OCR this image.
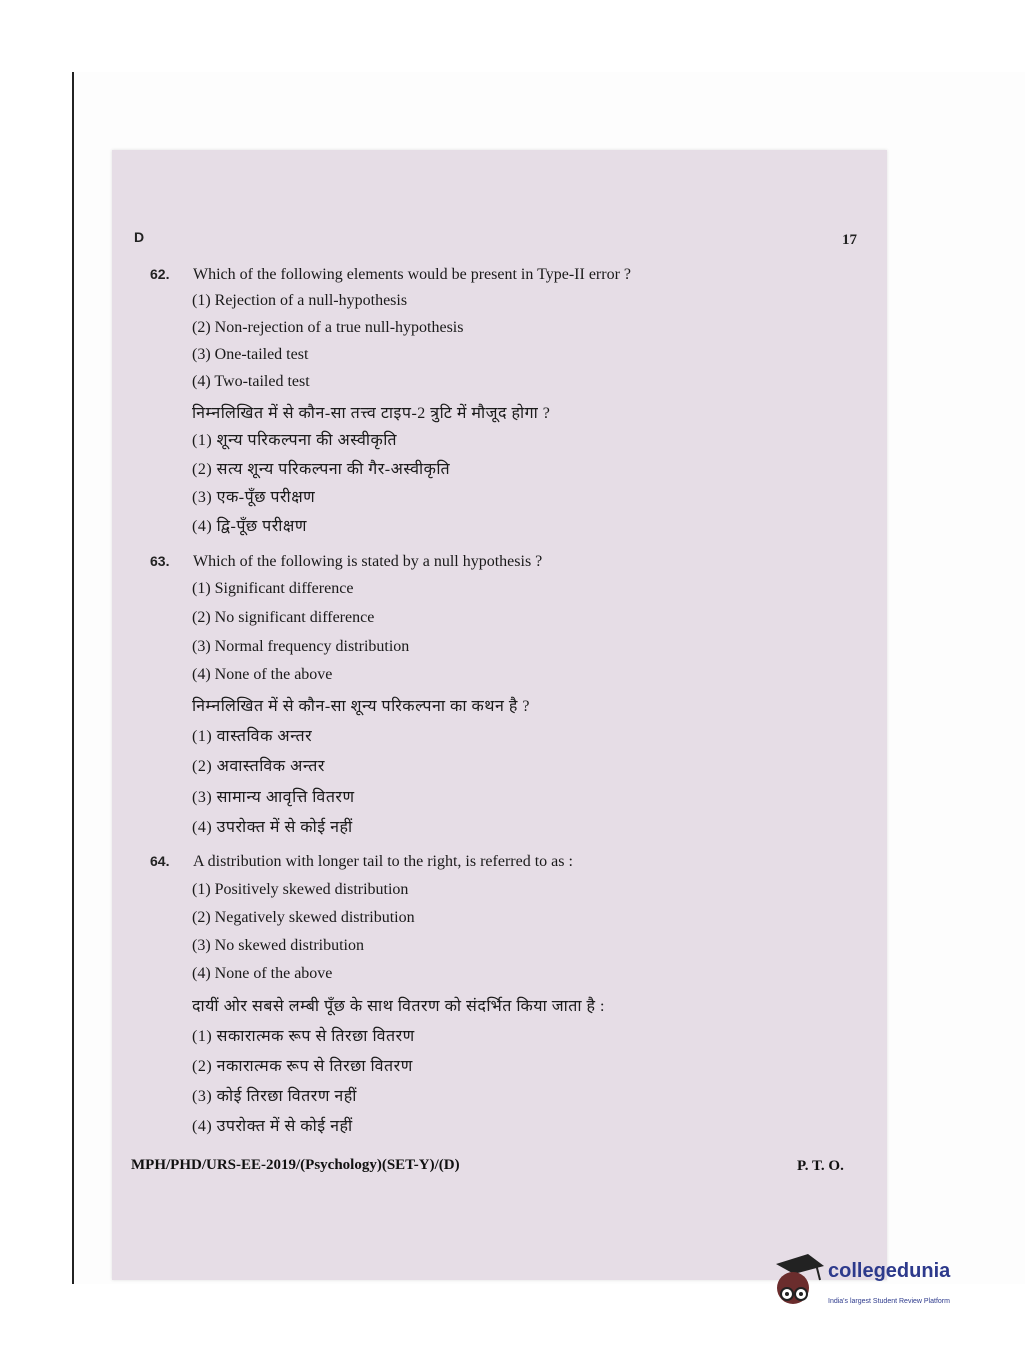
D	17
62. Which of the following elements would be present in Type-II error ?
(1) Rejection of a null-hypothesis
(2) Non-rejection of a true null-hypothesis
(3) One-tailed test
(4) Two-tailed test
निम्नलिखित में से कौन-सा तत्त्व टाइप-2 त्रुटि में मौजूद होगा ?
(1) शून्य परिकल्पना की अस्वीकृति
(2) सत्य शून्य परिकल्पना की गैर-अस्वीकृति
(3) एक-पूँछ परीक्षण
(4) द्वि-पूँछ परीक्षण
63. Which of the following is stated by a null hypothesis ?
(1) Significant difference
(2) No significant difference
(3) Normal frequency distribution
(4) None of the above
निम्नलिखित में से कौन-सा शून्य परिकल्पना का कथन है ?
(1) वास्तविक अन्तर
(2) अवास्तविक अन्तर
(3) सामान्य आवृत्ति वितरण
(4) उपरोक्त में से कोई नहीं
64. A distribution with longer tail to the right, is referred to as :
(1) Positively skewed distribution
(2) Negatively skewed distribution
(3) No skewed distribution
(4) None of the above
दायीं ओर सबसे लम्बी पूँछ के साथ वितरण को संदर्भित किया जाता है :
(1) सकारात्मक रूप से तिरछा वितरण
(2) नकारात्मक रूप से तिरछा वितरण
(3) कोई तिरछा वितरण नहीं
(4) उपरोक्त में से कोई नहीं
MPH/PHD/URS-EE-2019/(Psychology)(SET-Y)/(D)	P. T. O.
collegedunia
India's largest Student Review Platform
